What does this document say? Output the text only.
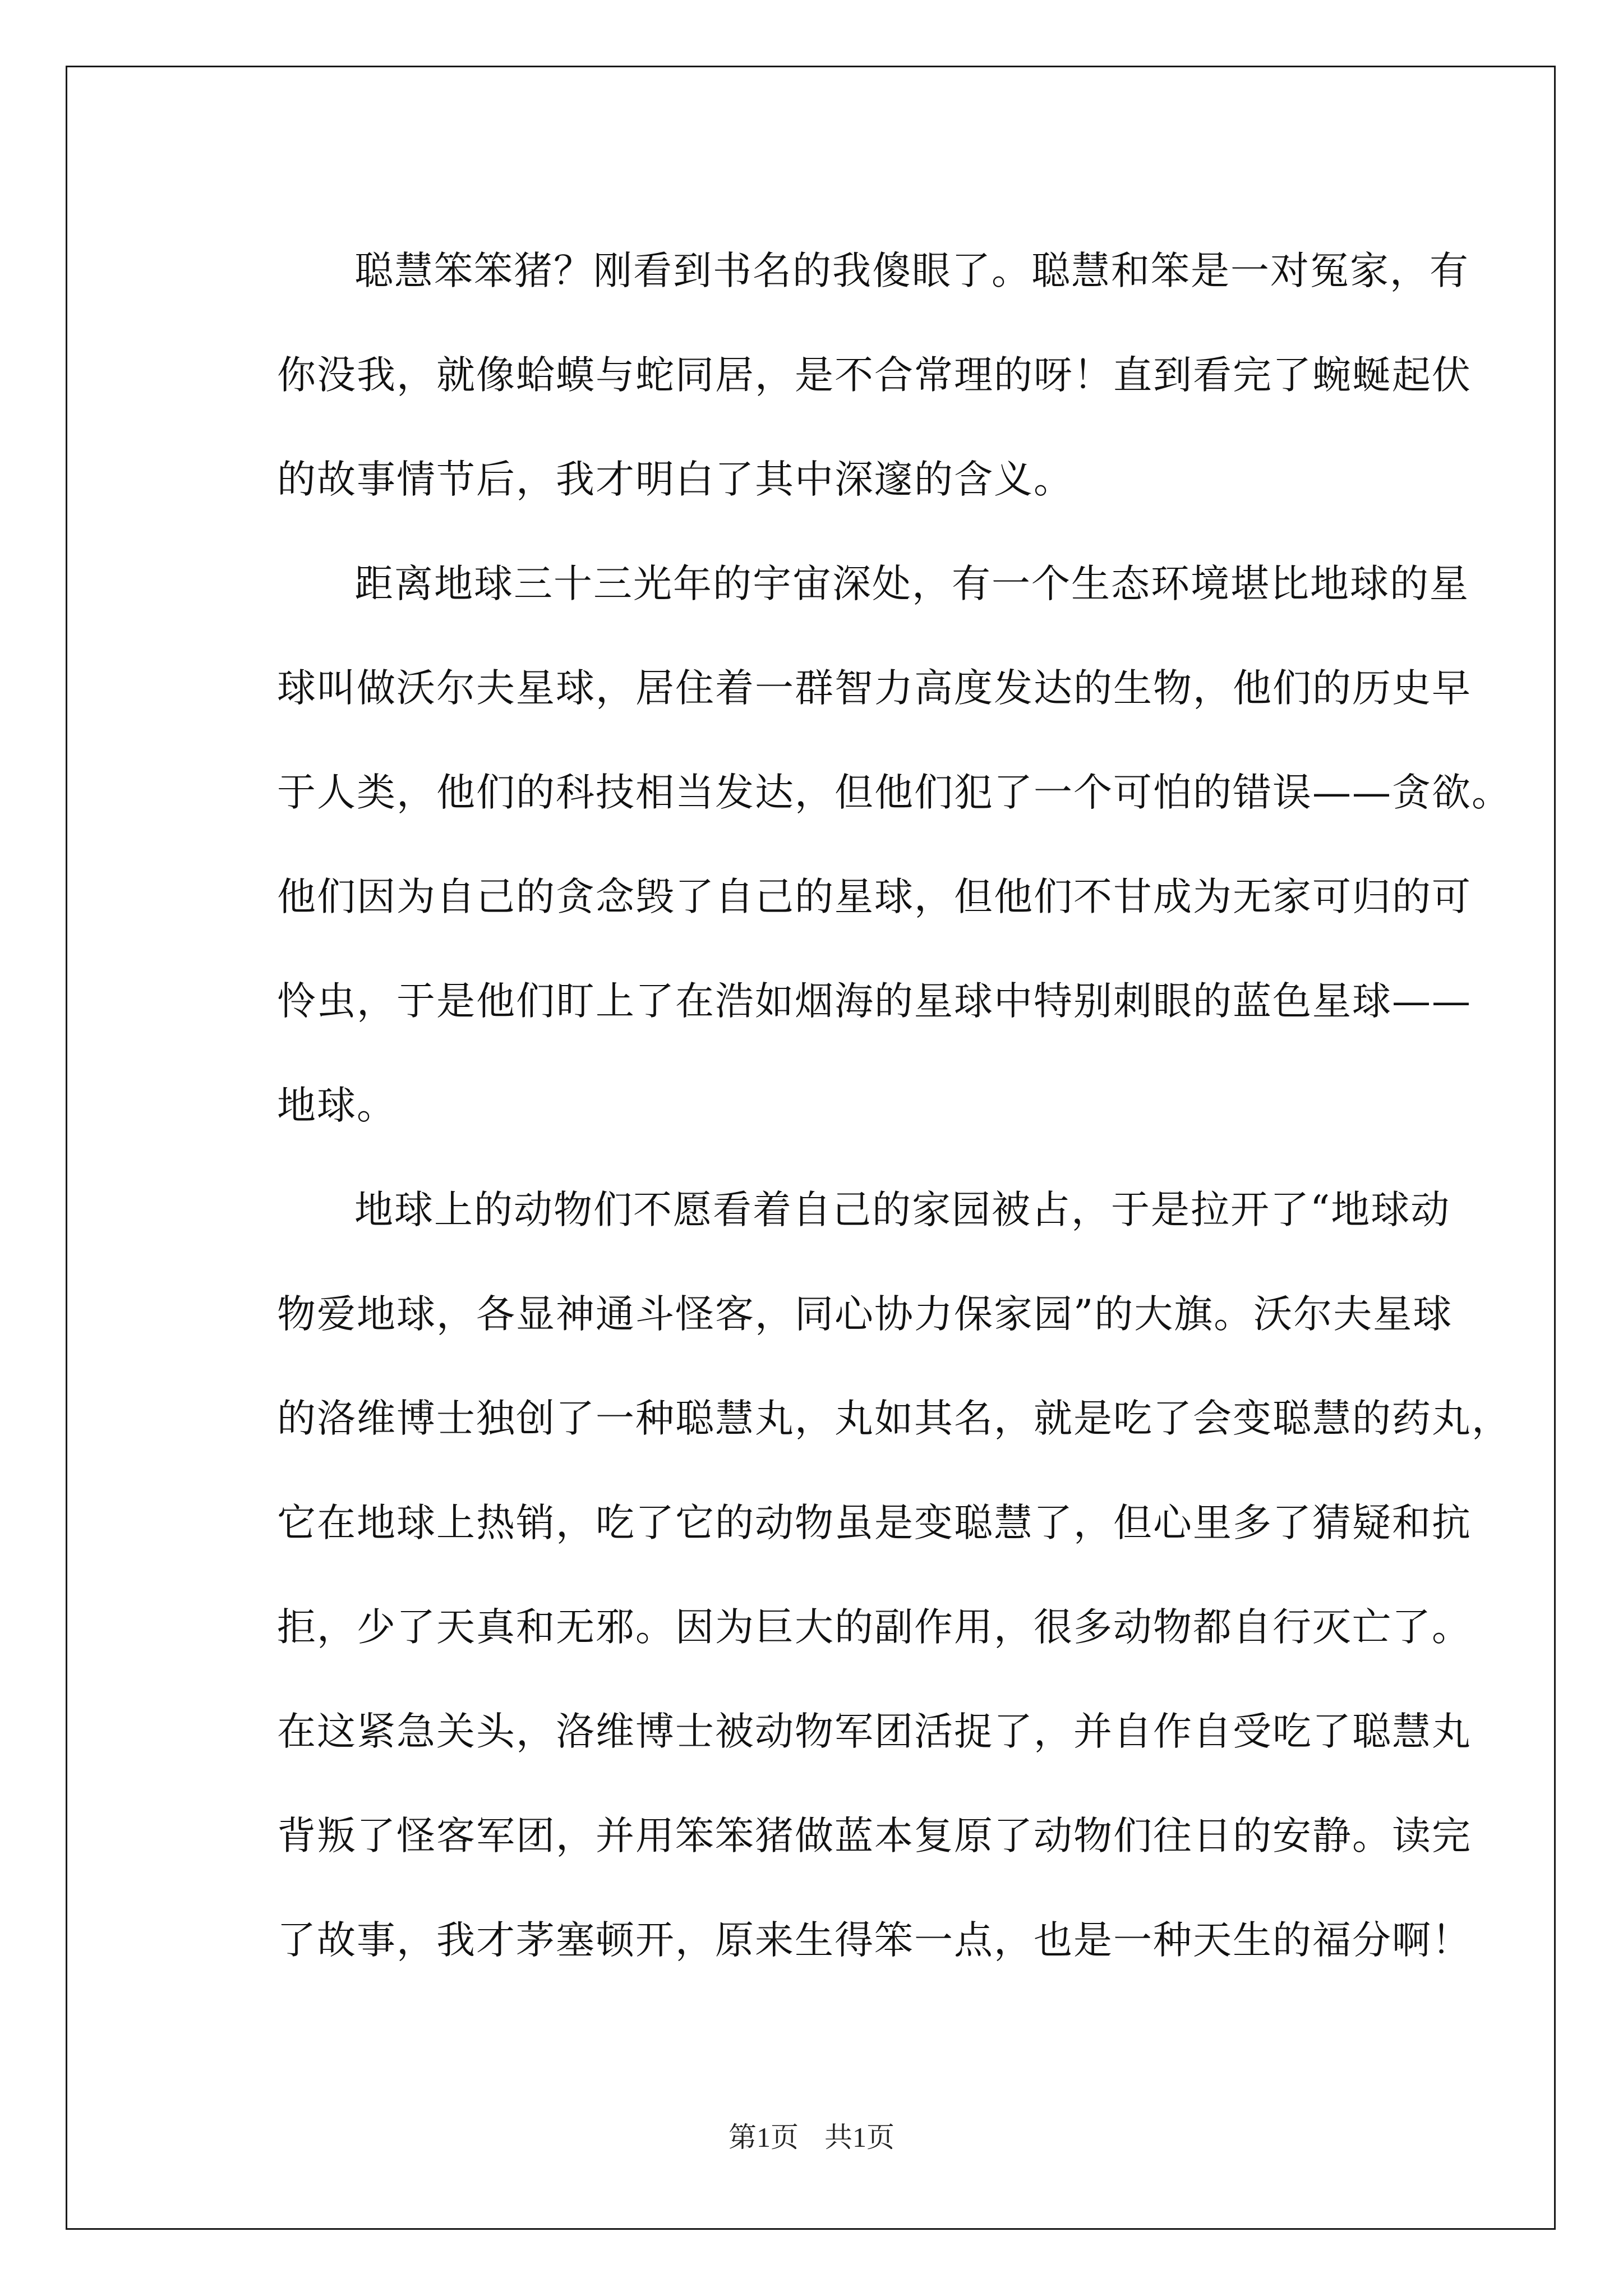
聪慧笨笨猪？刚看到书名的我傻眼了。聪慧和笨是一对冤家，有
你没我，就像蛤蟆与蛇同居，是不合常理的呀！直到看完了蜿蜒起伏
的故事情节后，我才明白了其中深邃的含义。
距离地球三十三光年的宇宙深处，有一个生态环境堪比地球的星
球叫做沃尔夫星球，居住着一群智力高度发达的生物，他们的历史早
于人类，他们的科技相当发达，但他们犯了一个可怕的错误——贪欲。
他们因为自己的贪念毁了自己的星球，但他们不甘成为无家可归的可
怜虫，于是他们盯上了在浩如烟海的星球中特别刺眼的蓝色星球——
地球。
地球上的动物们不愿看着自己的家园被占，于是拉开了“地球动
物爱地球，各显神通斗怪客，同心协力保家园”的大旗。沃尔夫星球
的洛维博士独创了一种聪慧丸，丸如其名，就是吃了会变聪慧的药丸，
它在地球上热销，吃了它的动物虽是变聪慧了，但心里多了猜疑和抗
拒，少了天真和无邪。因为巨大的副作用，很多动物都自行灭亡了。
在这紧急关头，洛维博士被动物军团活捉了，并自作自受吃了聪慧丸
背叛了怪客军团，并用笨笨猪做蓝本复原了动物们往日的安静。读完
了故事，我才茅塞顿开，原来生得笨一点，也是一种天生的福分啊！
第1页 共1页
